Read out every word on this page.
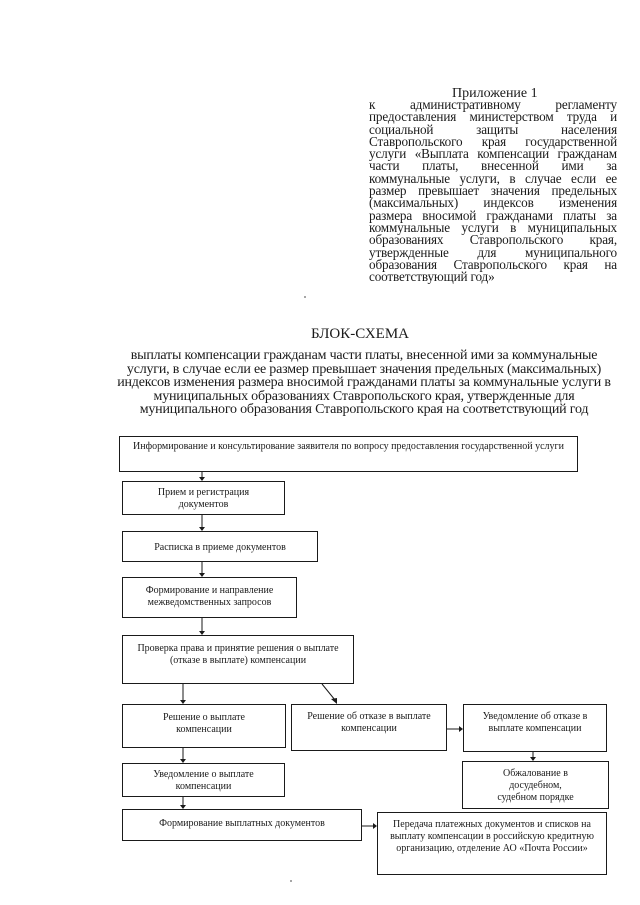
Приложение 1
к административному регламенту предоставления министерством труда и социальной защиты населения Ставропольского края государственной услуги «Выплата компенсации гражданам части платы, внесенной ими за коммунальные услуги, в случае если ее размер превышает значения предельных (максимальных) индексов изменения размера вносимой гражданами платы за коммунальные услуги в муниципальных образованиях Ставропольского края, утвержденные для муниципального образования Ставропольского края на соответствующий год»
БЛОК-СХЕМА
выплаты компенсации гражданам части платы, внесенной ими за коммунальные услуги, в случае если ее размер превышает значения предельных (максимальных) индексов изменения размера вносимой гражданами платы за коммунальные услуги в муниципальных образованиях Ставропольского края, утвержденные для муниципального образования Ставропольского края на соответствующий год
Информирование и консультирование заявителя по вопросу предоставления государственной услуги
Прием и регистрация документов
Расписка в приеме документов
Формирование и направление межведомственных запросов
Проверка права и принятие решения о выплате (отказе в выплате) компенсации
Решение о выплате компенсации
Решение об отказе в выплате компенсации
Уведомление об отказе в выплате компенсации
Уведомление о выплате компенсации
Обжалование в досудебном, судебном порядке
Формирование выплатных документов	Передача платежных документов и списков на выплату компенсации в российскую кредитную организацию, отделение АО «Почта России»
